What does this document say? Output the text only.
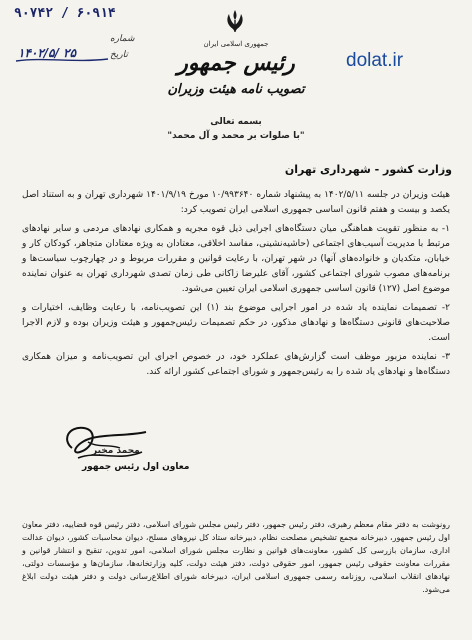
۹۰۷۴۲ / ۶۰۹۱۴
شماره
تاریخ
۱۴۰۲/۵/ ۲۵
جمهوری اسلامی ایران
رئیس جمهور
تصویب نامه هیئت وزیران
بسمه تعالی
"با صلوات بر محمد و آل محمد"
dolat.ir
وزارت کشور - شهرداری تهران

هیئت وزیران در جلسه ۱۴۰۲/۵/۱۱ به پیشنهاد شماره ۱۰/۹۹۳۶۴۰ مورخ ۱۴۰۱/۹/۱۹ شهرداری تهران و به استناد اصل یکصد و بیست و هفتم قانون اساسی جمهوری اسلامی ایران تصویب کرد:

۱- به منظور تقویت هماهنگی میان دستگاه‌های اجرایی ذیل قوه مجریه و همکاری نهادهای مردمی و سایر نهادهای مرتبط با مدیریت آسیب‌های اجتماعی (حاشیه‌نشینی، مفاسد اخلاقی، معتادان به ویژه معتادان متجاهر، کودکان کار و خیابان، متکدیان و خانواده‌های آنها) در شهر تهران، با رعایت قوانین و مقررات مربوط و در چهارچوب سیاست‌ها و برنامه‌های مصوب شورای اجتماعی کشور، آقای علیرضا زاکانی طی زمان تصدی شهرداری تهران به عنوان نماینده موضوع اصل (۱۲۷) قانون اساسی جمهوری اسلامی ایران تعیین می‌شود.

۲- تصمیمات نماینده یاد شده در امور اجرایی موضوع بند (۱) این تصویب‌نامه، با رعایت وظایف، اختیارات و صلاحیت‌های قانونی دستگاه‌ها و نهادهای مذکور، در حکم تصمیمات رئیس‌جمهور و هیئت وزیران بوده و لازم الاجرا است.

۳- نماینده مزبور موظف است گزارش‌های عملکرد خود، در خصوص اجرای این تصویب‌نامه و میزان همکاری دستگاه‌ها و نهادهای یاد شده را به رئیس‌جمهور و شورای اجتماعی کشور ارائه کند.

محمد مخبر
معاون اول رئیس جمهور
رونوشت به دفتر مقام معظم رهبری، دفتر رئیس جمهور، دفتر رئیس مجلس شورای اسلامی، دفتر رئیس قوه قضاییه، دفتر معاون اول رئیس جمهور، دبیرخانه مجمع تشخیص مصلحت نظام، دبیرخانه ستاد کل نیروهای مسلح، دیوان محاسبات کشور، دیوان عدالت اداری، سازمان بازرسی کل کشور، معاونت‌های قوانین و نظارت مجلس شورای اسلامی، امور تدوین، تنقیح و انتشار قوانین و مقررات معاونت حقوقی رئیس جمهور، امور حقوقی دولت، دفتر هیئت دولت، کلیه وزارتخانه‌ها، سازمان‌ها و مؤسسات دولتی، نهادهای انقلاب اسلامی، روزنامه رسمی جمهوری اسلامی ایران، دبیرخانه شورای اطلاع‌رسانی دولت و دفتر هیئت دولت ابلاغ می‌شود.
